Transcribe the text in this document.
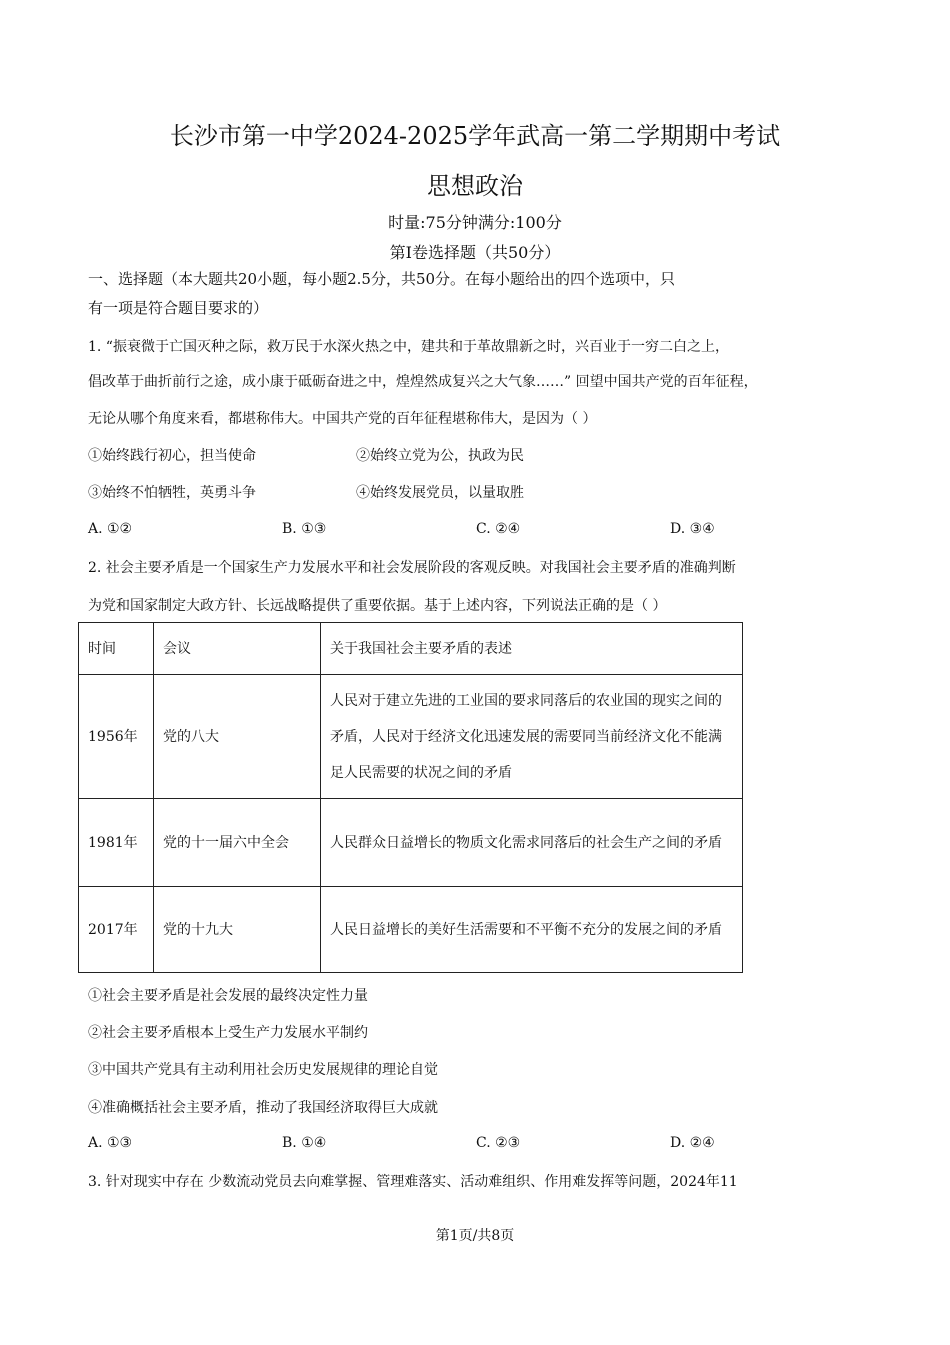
长沙市第一中学2024-2025学年武高一第二学期期中考试
思想政治
时量:75分钟满分:100分
第Ⅰ卷选择题（共50分）
一、选择题（本大题共20小题，每小题2.5分，共50分。在每小题给出的四个选项中，只
有一项是符合题目要求的）
1. “振衰微于亡国灭种之际，救万民于水深火热之中，建共和于革故鼎新之时，兴百业于一穷二白之上，
倡改革于曲折前行之途，成小康于砥砺奋进之中，煌煌然成复兴之大气象……” 回望中国共产党的百年征程，
无论从哪个角度来看，都堪称伟大。中国共产党的百年征程堪称伟大，是因为（ ）
①始终践行初心，担当使命	②始终立党为公，执政为民
③始终不怕牺牲，英勇斗争	④始终发展党员，以量取胜
A. ①②	B. ①③	C. ②④	D. ③④
2. 社会主要矛盾是一个国家生产力发展水平和社会发展阶段的客观反映。对我国社会主要矛盾的准确判断
为党和国家制定大政方针、长远战略提供了重要依据。基于上述内容，下列说法正确的是（ ）
时间	会议	关于我国社会主要矛盾的表述
1956年	党的八大	人民对于建立先进的工业国的要求同落后的农业国的现实之间的矛盾，人民对于经济文化迅速发展的需要同当前经济文化不能满足人民需要的状况之间的矛盾
1981年	党的十一届六中全会	人民群众日益增长的物质文化需求同落后的社会生产之间的矛盾
2017年	党的十九大	人民日益增长的美好生活需要和不平衡不充分的发展之间的矛盾
①社会主要矛盾是社会发展的最终决定性力量
②社会主要矛盾根本上受生产力发展水平制约
③中国共产党具有主动利用社会历史发展规律的理论自觉
④准确概括社会主要矛盾，推动了我国经济取得巨大成就
A. ①③	B. ①④	C. ②③	D. ②④
3. 针对现实中存在 少数流动党员去向难掌握、管理难落实、活动难组织、作用难发挥等问题，2024年11
第1页/共8页
